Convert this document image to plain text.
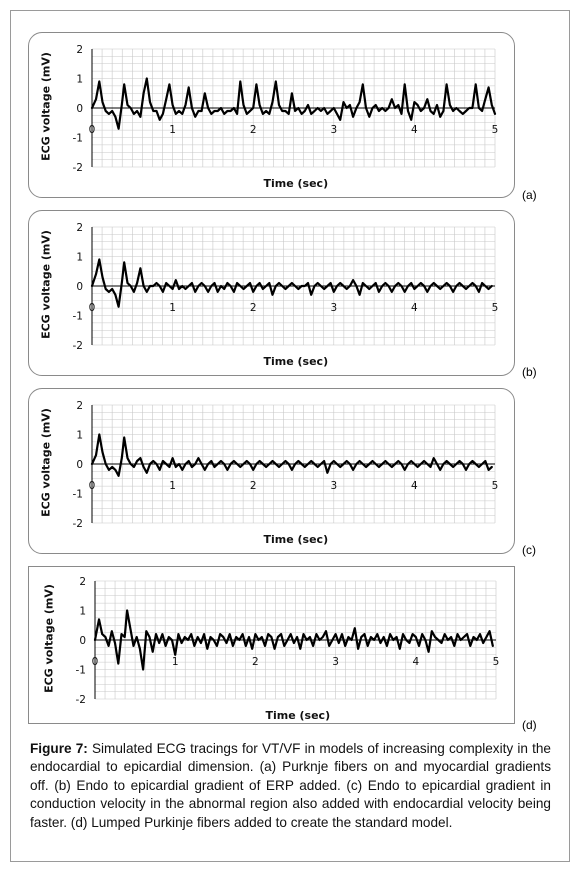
2
1
0
-1
-2
0	1	2	3	4	5
ECG voltage (mV)
Time (sec)
2
1
0
-1
-2
0	1	2	3	4	5
ECG voltage (mV)
Time (sec)
2
1
0
-1
-2
0	1	2	3	4	5
ECG voltage (mV)
Time (sec)
2
1
0
-1
-2
0	1	2	3	4	5
ECG voltage (mV)
Time (sec)
(a)
(b)
(c)
(d)
Figure 7: Simulated ECG tracings for VT/VF in models of increasing complexity in the endocardial to epicardial dimension. (a) Purknje fibers on and myocardial gradients off. (b) Endo to epicardial gradient of ERP added. (c) Endo to epicardial gradient in conduction velocity in the abnormal region also added with endocardial velocity being faster. (d) Lumped Purkinje fibers added to create the standard model.
